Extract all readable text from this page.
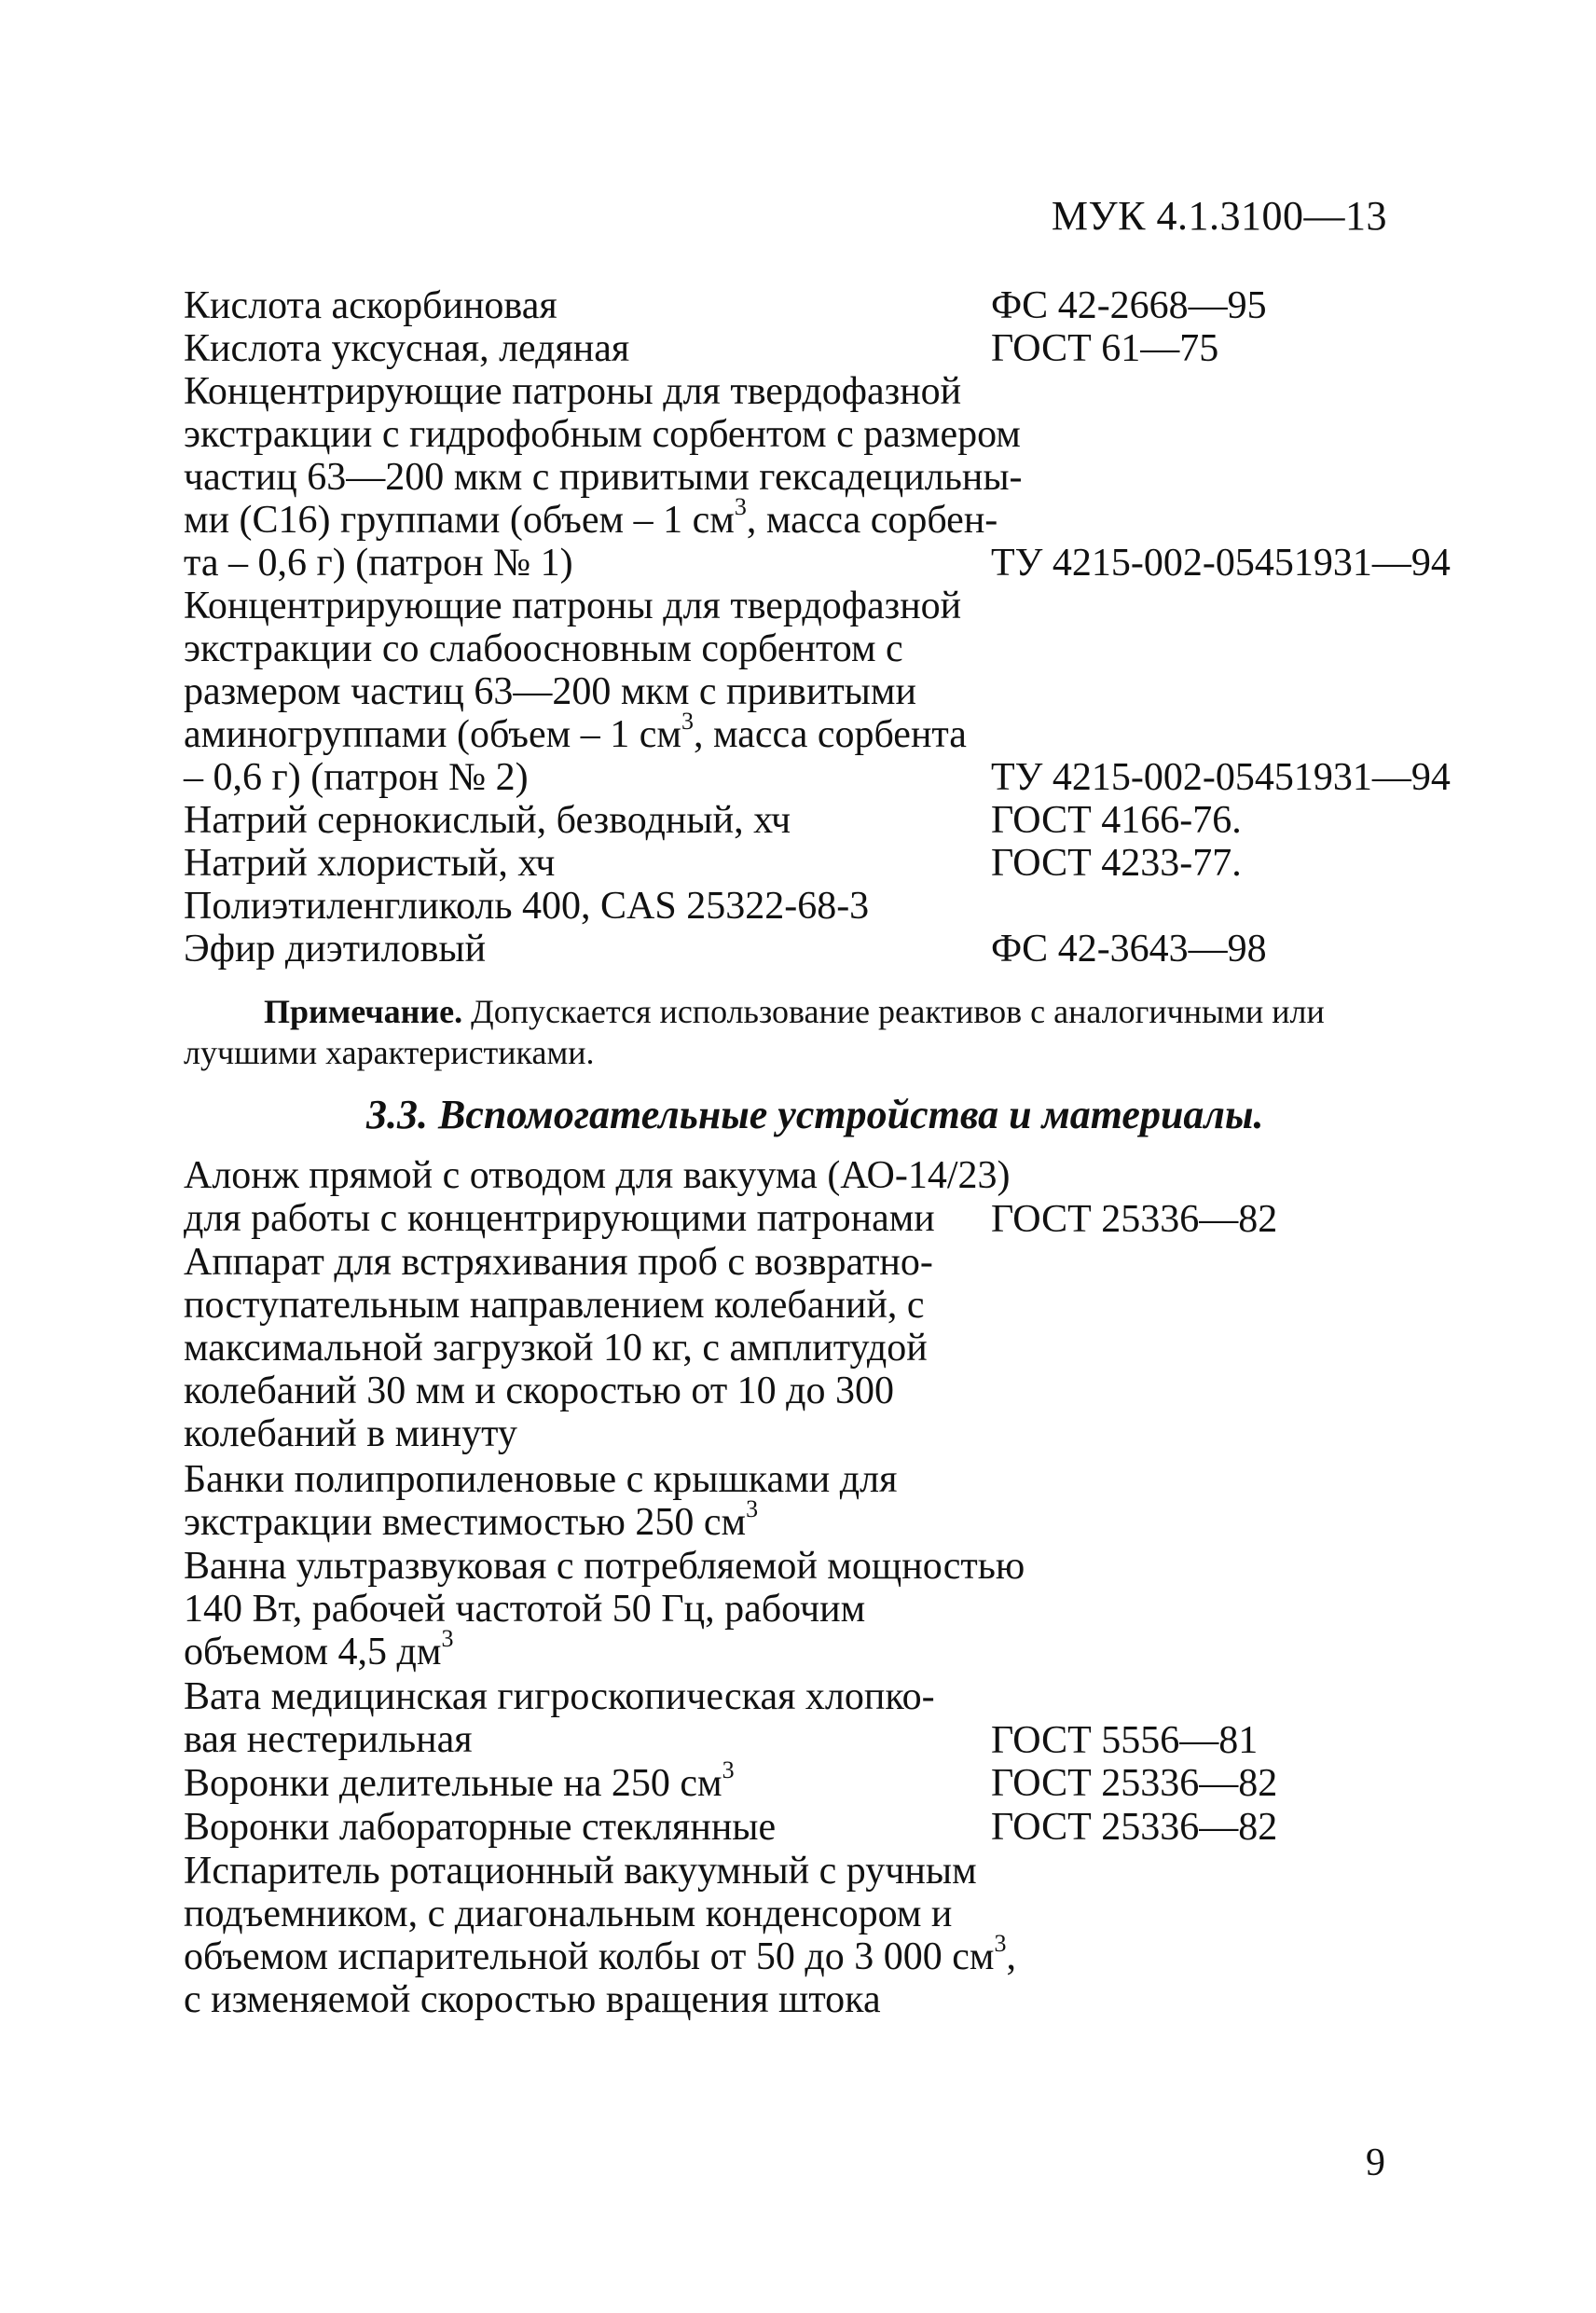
МУК 4.1.3100—13
Кислота аскорбиновая	ФС 42-2668—95
Кислота уксусная, ледяная	ГОСТ 61—75
Концентрирующие патроны для твердофазной
экстракции с гидрофобным сорбентом с размером
частиц 63—200 мкм с привитыми гексадецильны-
ми (С16) группами (объем – 1 $см^3$, масса сорбен-
та – 0,6 г) (патрон № 1)	ТУ 4215-002-05451931—94
Концентрирующие патроны для твердофазной
экстракции со слабоосновным сорбентом с
размером частиц 63—200 мкм с привитыми
аминогруппами (объем – 1 $см^3$, масса сорбента
– 0,6 г) (патрон № 2)	ТУ 4215-002-05451931—94
Натрий сернокислый, безводный, хч	ГОСТ 4166-76.
Натрий хлористый, хч	ГОСТ 4233-77.
Полиэтиленгликоль 400, CAS 25322-68-3
Эфир диэтиловый	ФС 42-3643—98
Примечание. Допускается использование реактивов с аналогичными или
лучшими характеристиками.
3.3. Вспомогательные устройства и материалы.
Алонж прямой с отводом для вакуума (АО-14/23)
для работы с концентрирующими патронами	ГОСТ 25336—82
Аппарат для встряхивания проб с возвратно-
поступательным направлением колебаний, с
максимальной загрузкой 10 кг, с амплитудой
колебаний 30 мм и скоростью от 10 до 300
колебаний в минуту
Банки полипропиленовые с крышками для
экстракции вместимостью 250 $см^3$
Ванна ультразвуковая с потребляемой мощностью
140 Вт, рабочей частотой 50 Гц, рабочим
объемом 4,5 $дм^3$
Вата медицинская гигроскопическая хлопко-
вая нестерильная	ГОСТ 5556—81
Воронки делительные на 250 $см^3$	ГОСТ 25336—82
Воронки лабораторные стеклянные	ГОСТ 25336—82
Испаритель ротационный вакуумный с ручным
подъемником, с диагональным конденсором и
объемом испарительной колбы от 50 до 3 000 $см^3$,
с изменяемой скоростью вращения штока
9
